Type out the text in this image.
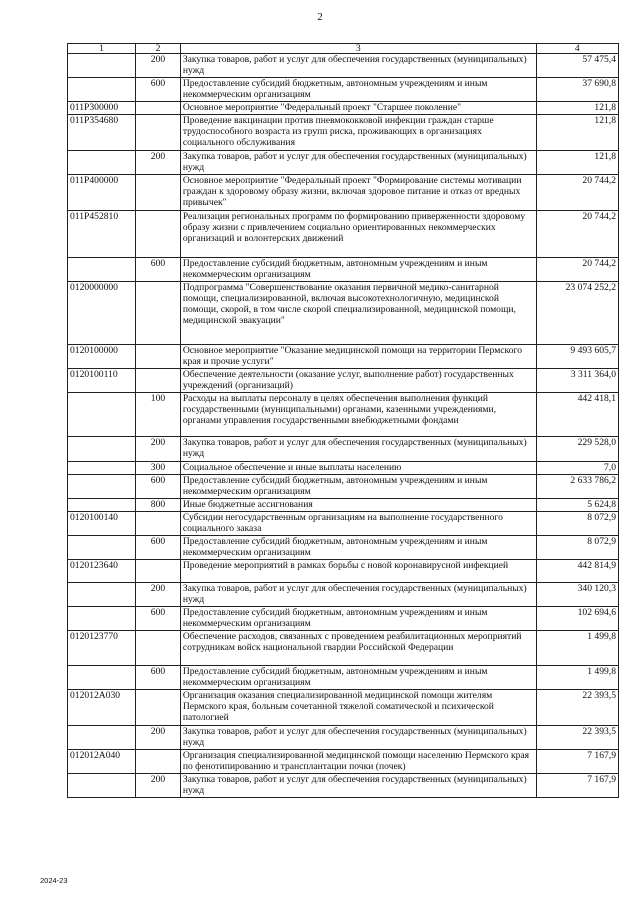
2
1	2	3	4
	200	Закупка товаров, работ и услуг для обеспечения государственных (муниципальных) нужд	57 475,4
	600	Предоставление субсидий бюджетным, автономным учреждениям и иным некоммерческим организациям	37 690,8
011P300000		Основное мероприятие "Федеральный проект "Старшее поколение"	121,8
011P354680		Проведение вакцинации против пневмококковой инфекции граждан старше трудоспособного возраста из групп риска, проживающих в организациях социального обслуживания	121,8
	200	Закупка товаров, работ и услуг для обеспечения государственных (муниципальных) нужд	121,8
011P400000		Основное мероприятие "Федеральный проект "Формирование системы мотивации граждан к здоровому образу жизни, включая здоровое питание и отказ от вредных привычек"	20 744,2
011P452810		Реализация региональных программ по формированию приверженности здоровому образу жизни с привлечением социально ориентированных некоммерческих организаций и волонтерских движений	20 744,2
	600	Предоставление субсидий бюджетным, автономным учреждениям и иным некоммерческим организациям	20 744,2
0120000000		Подпрограмма "Совершенствование оказания первичной медико-санитарной помощи, специализированной, включая высокотехнологичную, медицинской помощи, скорой, в том числе скорой специализированной, медицинской помощи, медицинской эвакуации"	23 074 252,2
0120100000		Основное мероприятие "Оказание медицинской помощи на территории Пермского края и прочие услуги"	9 493 605,7
0120100110		Обеспечение деятельности (оказание услуг, выполнение работ) государственных учреждений (организаций)	3 311 364,0
	100	Расходы на выплаты персоналу в целях обеспечения выполнения функций государственными (муниципальными) органами, казенными учреждениями, органами управления государственными внебюджетными фондами	442 418,1
	200	Закупка товаров, работ и услуг для обеспечения государственных (муниципальных) нужд	229 528,0
	300	Социальное обеспечение и иные выплаты населению	7,0
	600	Предоставление субсидий бюджетным, автономным учреждениям и иным некоммерческим организациям	2 633 786,2
	800	Иные бюджетные ассигнования	5 624,8
0120100140		Субсидии негосударственным организациям на выполнение государственного социального заказа	8 072,9
	600	Предоставление субсидий бюджетным, автономным учреждениям и иным некоммерческим организациям	8 072,9
0120123640		Проведение мероприятий в рамках борьбы с новой коронавирусной инфекцией	442 814,9
	200	Закупка товаров, работ и услуг для обеспечения государственных (муниципальных) нужд	340 120,3
	600	Предоставление субсидий бюджетным, автономным учреждениям и иным некоммерческим организациям	102 694,6
0120123770		Обеспечение расходов, связанных с проведением реабилитационных мероприятий сотрудникам войск национальной гвардии Российской Федерации	1 499,8
	600	Предоставление субсидий бюджетным, автономным учреждениям и иным некоммерческим организациям	1 499,8
012012A030		Организация оказания специализированной медицинской помощи жителям Пермского края, больным сочетанной тяжелой соматической и психической патологией	22 393,5
	200	Закупка товаров, работ и услуг для обеспечения государственных (муниципальных) нужд	22 393,5
012012A040		Организация специализированной медицинской помощи населению Пермского края по фенотипированию и трансплантации почки (почек)	7 167,9
	200	Закупка товаров, работ и услуг для обеспечения государственных (муниципальных) нужд	7 167,9
2024-23
